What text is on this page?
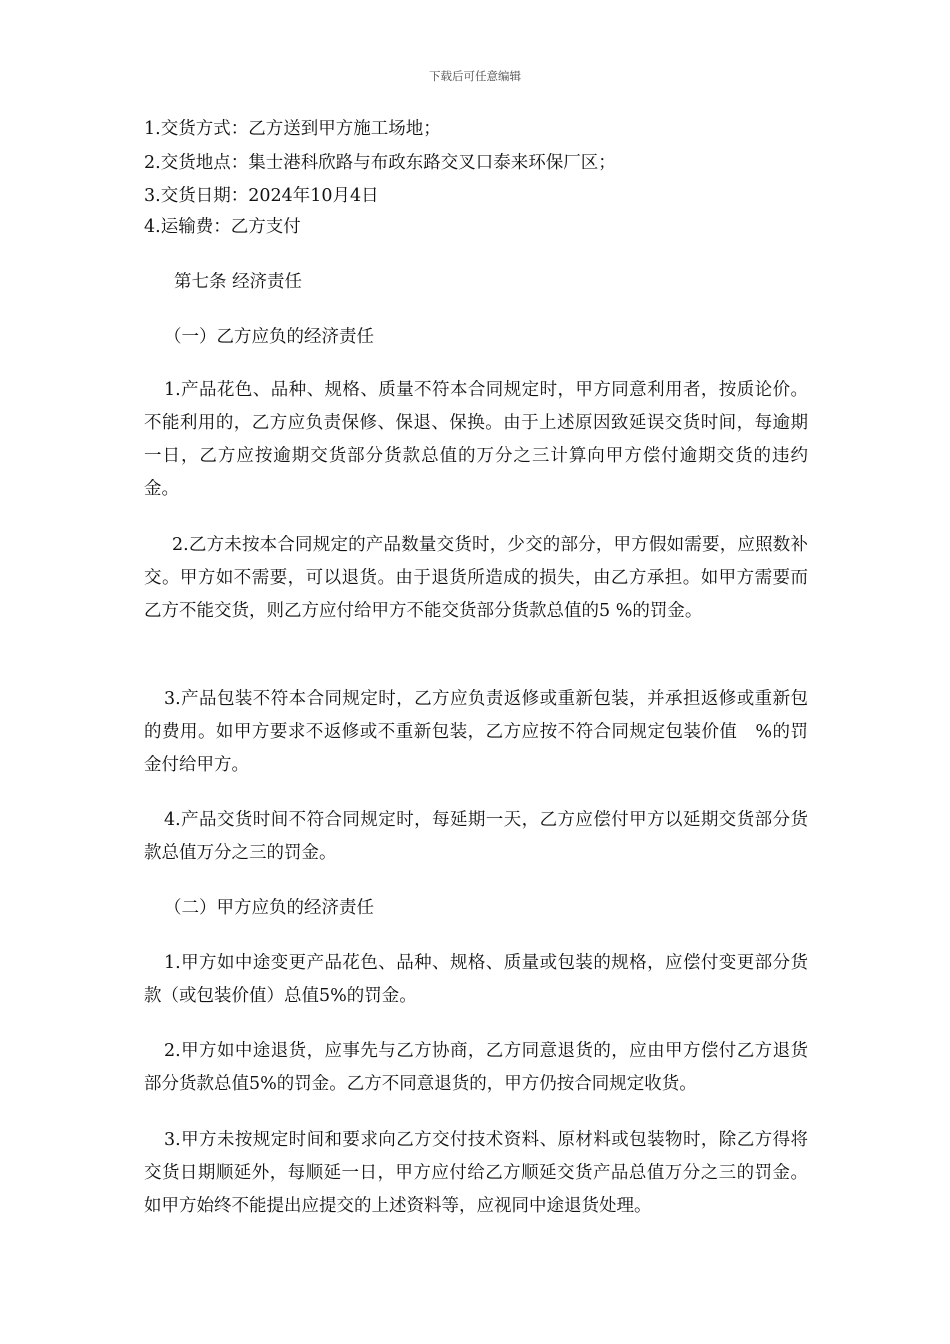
下载后可任意编辑
1.交货方式：乙方送到甲方施工场地；
2.交货地点：集士港科欣路与布政东路交叉口泰来环保厂区；
3.交货日期：2024年10月4日
4.运输费：乙方支付
第七条 经济责任
（一）乙方应负的经济责任

1.产品花色、品种、规格、质量不符本合同规定时，甲方同意利用者，按质论价。不能利用的，乙方应负责保修、保退、保换。由于上述原因致延误交货时间，每逾期一日，乙方应按逾期交货部分货款总值的万分之三计算向甲方偿付逾期交货的违约金。

2.乙方未按本合同规定的产品数量交货时，少交的部分，甲方假如需要，应照数补交。甲方如不需要，可以退货。由于退货所造成的损失，由乙方承担。如甲方需要而乙方不能交货，则乙方应付给甲方不能交货部分货款总值的5 %的罚金。

3.产品包装不符本合同规定时，乙方应负责返修或重新包装，并承担返修或重新包的费用。如甲方要求不返修或不重新包装，乙方应按不符合同规定包装价值　%的罚金付给甲方。

4.产品交货时间不符合同规定时，每延期一天，乙方应偿付甲方以延期交货部分货款总值万分之三的罚金。

（二）甲方应负的经济责任

1.甲方如中途变更产品花色、品种、规格、质量或包装的规格，应偿付变更部分货款（或包装价值）总值5%的罚金。

2.甲方如中途退货，应事先与乙方协商，乙方同意退货的，应由甲方偿付乙方退货部分货款总值5%的罚金。乙方不同意退货的，甲方仍按合同规定收货。

3.甲方未按规定时间和要求向乙方交付技术资料、原材料或包装物时，除乙方得将交货日期顺延外，每顺延一日，甲方应付给乙方顺延交货产品总值万分之三的罚金。如甲方始终不能提出应提交的上述资料等，应视同中途退货处理。
